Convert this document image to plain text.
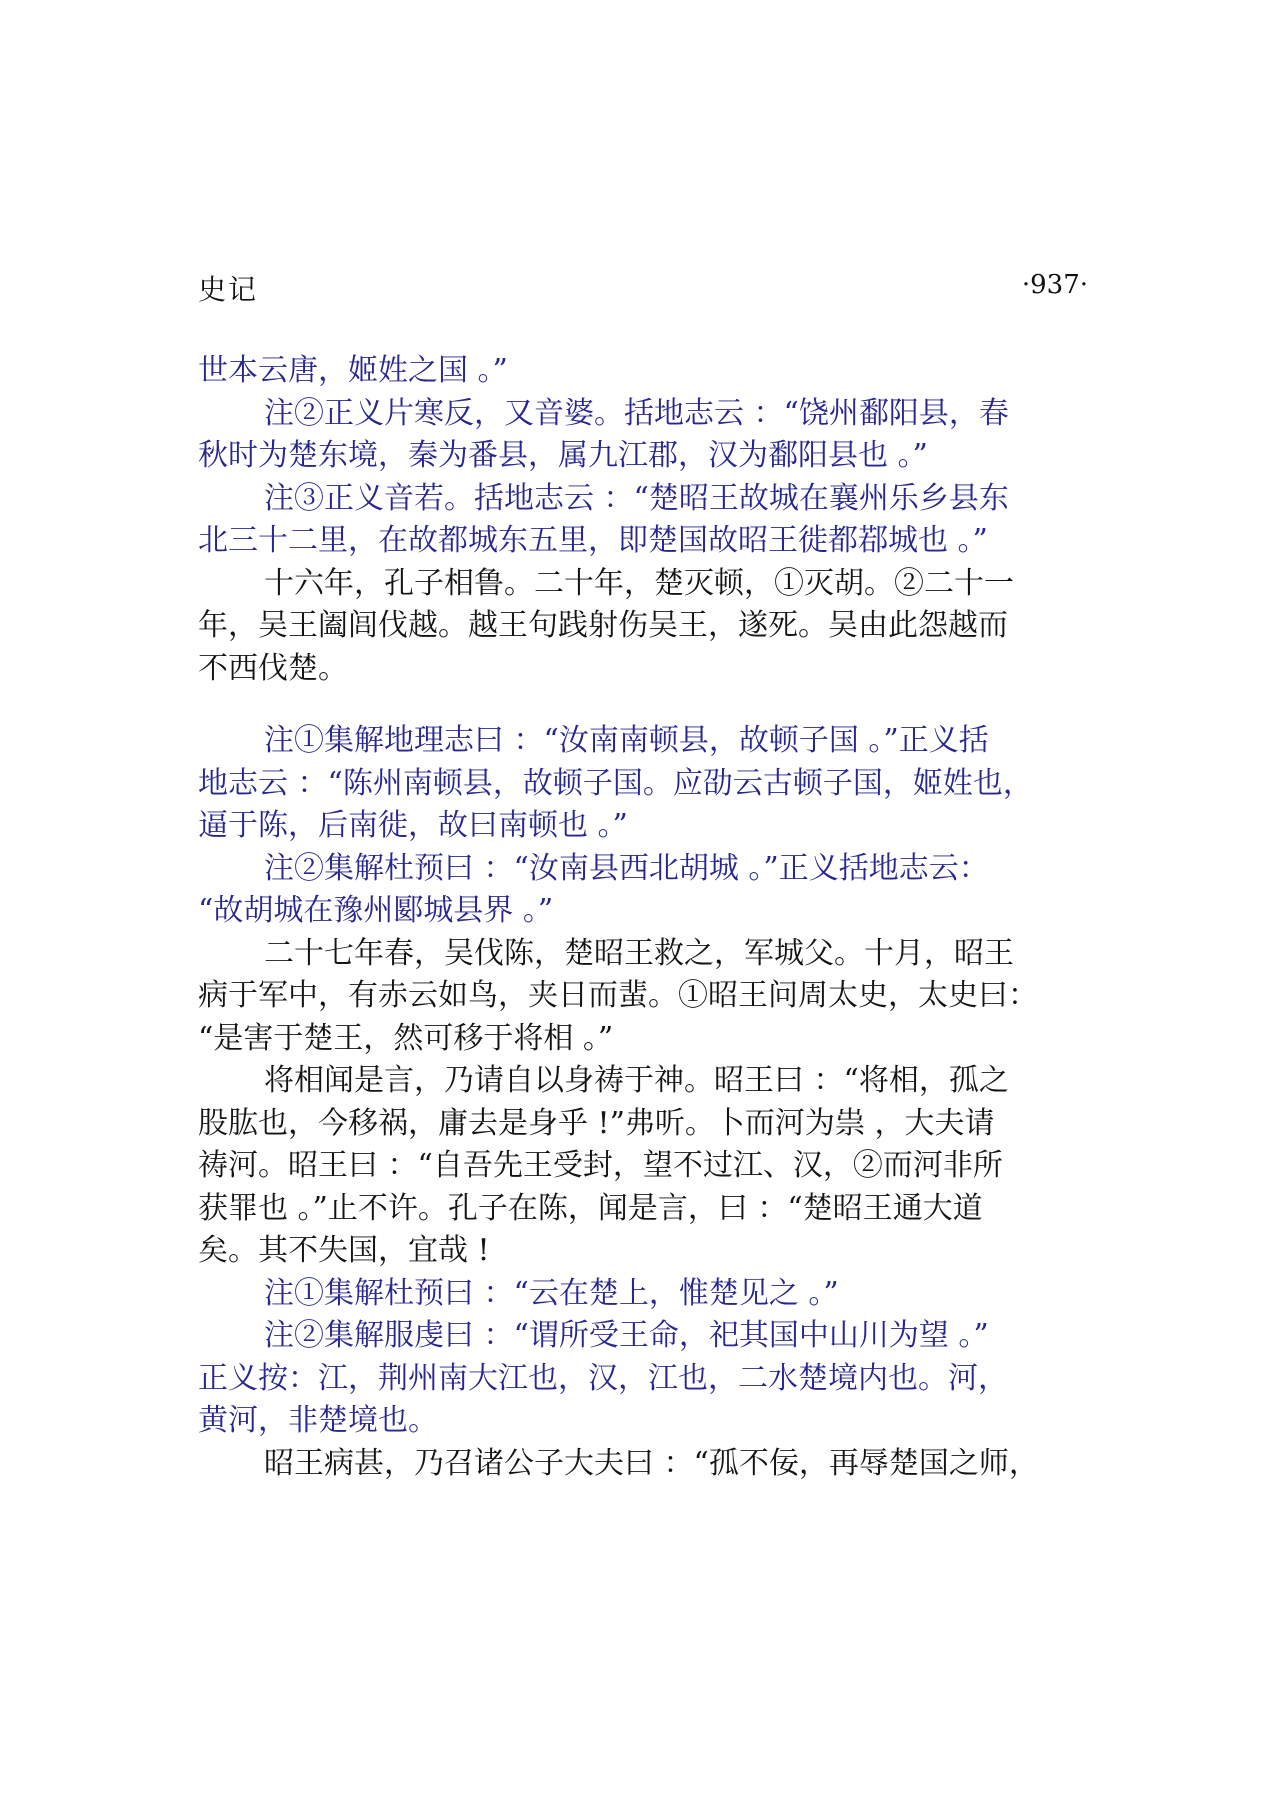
史记	·937·
世本云唐，姬姓之国 。”
注②正义片寒反，又音婆。括地志云 ：“饶州鄱阳县，春
秋时为楚东境，秦为番县，属九江郡，汉为鄱阳县也 。”
注③正义音若。括地志云 ：“楚昭王故城在襄州乐乡县东
北三十二里，在故都城东五里，即楚国故昭王徙都鄀城也 。”
十六年，孔子相鲁。二十年，楚灭顿，①灭胡。②二十一
年，吴王阖闾伐越。越王句践射伤吴王，遂死。吴由此怨越而
不西伐楚。
注①集解地理志曰 ：“汝南南顿县，故顿子国 。”正义括
地志云 ：“陈州南顿县，故顿子国。应劭云古顿子国，姬姓也，
逼于陈，后南徙，故曰南顿也 。”
注②集解杜预曰 ：“汝南县西北胡城 。”正义括地志云：
“故胡城在豫州郾城县界 。”
二十七年春，吴伐陈，楚昭王救之，军城父。十月，昭王
病于军中，有赤云如鸟，夹日而蜚。①昭王问周太史，太史曰：
“是害于楚王，然可移于将相 。”
将相闻是言，乃请自以身祷于神。昭王曰 ：“将相，孤之
股肱也，今移祸，庸去是身乎 !”弗听。卜而河为祟 ，大夫请
祷河。昭王曰 ：“自吾先王受封，望不过江、汉，②而河非所
获罪也 。”止不许。孔子在陈，闻是言，曰 ：“楚昭王通大道
矣。其不失国，宜哉 !
注①集解杜预曰 ：“云在楚上，惟楚见之 。”
注②集解服虔曰 ：“谓所受王命，祀其国中山川为望 。”
正义按：江，荆州南大江也，汉，江也，二水楚境内也。河，
黄河，非楚境也。
昭王病甚，乃召诸公子大夫曰 ：“孤不佞，再辱楚国之师，
